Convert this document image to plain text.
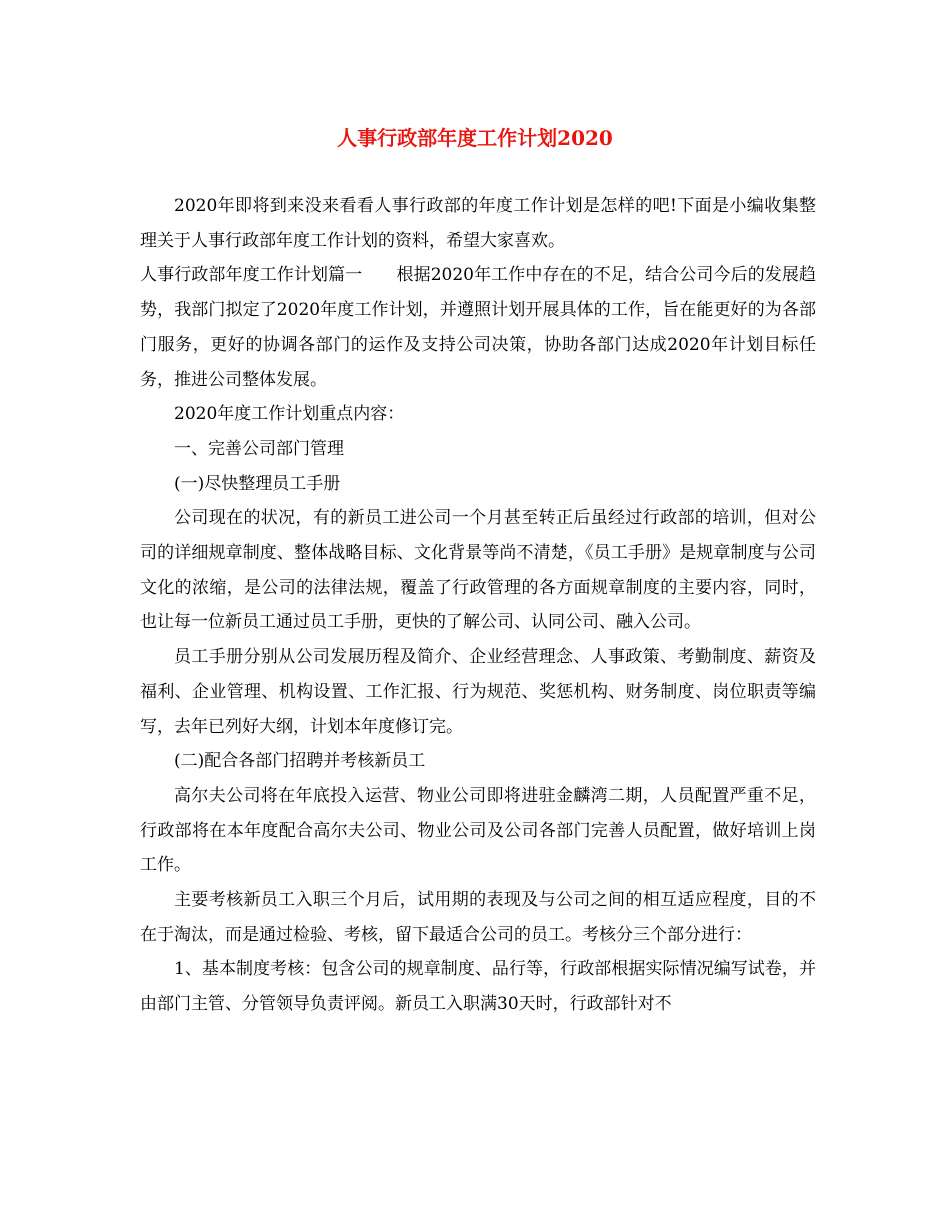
人事行政部年度工作计划2020

2020年即将到来没来看看人事行政部的年度工作计划是怎样的吧!下面是小编收集整理关于人事行政部年度工作计划的资料，希望大家喜欢。

人事行政部年度工作计划篇一　　根据2020年工作中存在的不足，结合公司今后的发展趋势，我部门拟定了2020年度工作计划，并遵照计划开展具体的工作，旨在能更好的为各部门服务，更好的协调各部门的运作及支持公司决策，协助各部门达成2020年计划目标任务，推进公司整体发展。

2020年度工作计划重点内容：

一、完善公司部门管理

(一)尽快整理员工手册

公司现在的状况，有的新员工进公司一个月甚至转正后虽经过行政部的培训，但对公司的详细规章制度、整体战略目标、文化背景等尚不清楚，《员工手册》是规章制度与公司文化的浓缩，是公司的法律法规，覆盖了行政管理的各方面规章制度的主要内容，同时，也让每一位新员工通过员工手册，更快的了解公司、认同公司、融入公司。

员工手册分别从公司发展历程及简介、企业经营理念、人事政策、考勤制度、薪资及福利、企业管理、机构设置、工作汇报、行为规范、奖惩机构、财务制度、岗位职责等编写，去年已列好大纲，计划本年度修订完。

(二)配合各部门招聘并考核新员工

高尔夫公司将在年底投入运营、物业公司即将进驻金麟湾二期，人员配置严重不足，行政部将在本年度配合高尔夫公司、物业公司及公司各部门完善人员配置，做好培训上岗工作。

主要考核新员工入职三个月后，试用期的表现及与公司之间的相互适应程度，目的不在于淘汰，而是通过检验、考核，留下最适合公司的员工。考核分三个部分进行：

1、基本制度考核：包含公司的规章制度、品行等，行政部根据实际情况编写试卷，并由部门主管、分管领导负责评阅。新员工入职满30天时，行政部针对不
